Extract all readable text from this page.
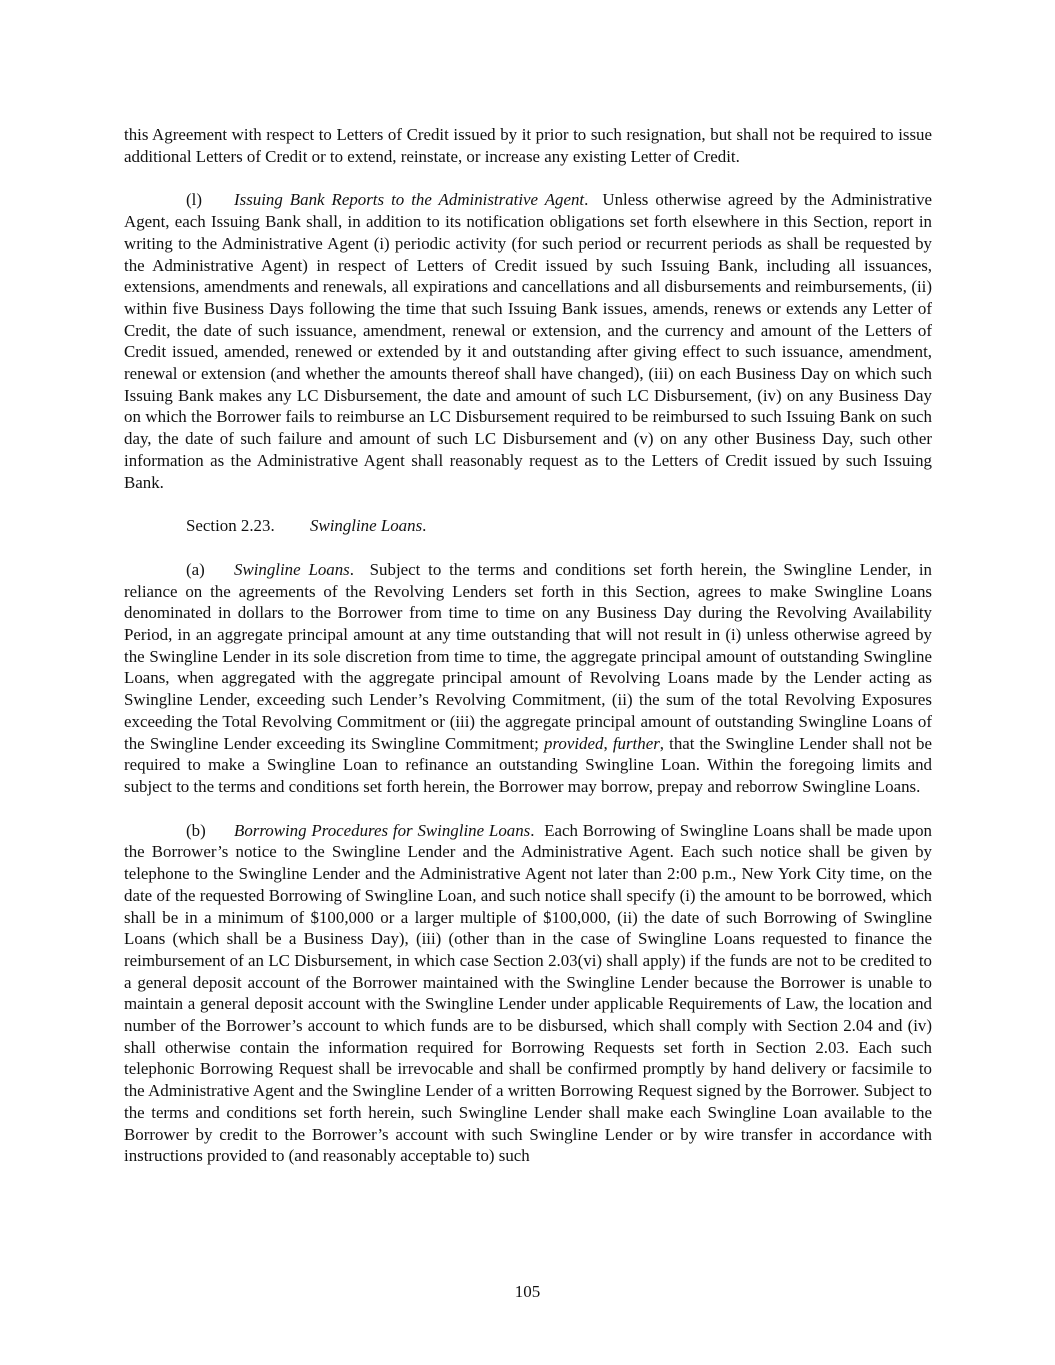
this Agreement with respect to Letters of Credit issued by it prior to such resignation, but shall not be required to issue additional Letters of Credit or to extend, reinstate, or increase any existing Letter of Credit.

(l) Issuing Bank Reports to the Administrative Agent. Unless otherwise agreed by the Administrative Agent, each Issuing Bank shall, in addition to its notification obligations set forth elsewhere in this Section, report in writing to the Administrative Agent (i) periodic activity (for such period or recurrent periods as shall be requested by the Administrative Agent) in respect of Letters of Credit issued by such Issuing Bank, including all issuances, extensions, amendments and renewals, all expirations and cancellations and all disbursements and reimbursements, (ii) within five Business Days following the time that such Issuing Bank issues, amends, renews or extends any Letter of Credit, the date of such issuance, amendment, renewal or extension, and the currency and amount of the Letters of Credit issued, amended, renewed or extended by it and outstanding after giving effect to such issuance, amendment, renewal or extension (and whether the amounts thereof shall have changed), (iii) on each Business Day on which such Issuing Bank makes any LC Disbursement, the date and amount of such LC Disbursement, (iv) on any Business Day on which the Borrower fails to reimburse an LC Disbursement required to be reimbursed to such Issuing Bank on such day, the date of such failure and amount of such LC Disbursement and (v) on any other Business Day, such other information as the Administrative Agent shall reasonably request as to the Letters of Credit issued by such Issuing Bank.

Section 2.23. Swingline Loans.

(a) Swingline Loans. Subject to the terms and conditions set forth herein, the Swingline Lender, in reliance on the agreements of the Revolving Lenders set forth in this Section, agrees to make Swingline Loans denominated in dollars to the Borrower from time to time on any Business Day during the Revolving Availability Period, in an aggregate principal amount at any time outstanding that will not result in (i) unless otherwise agreed by the Swingline Lender in its sole discretion from time to time, the aggregate principal amount of outstanding Swingline Loans, when aggregated with the aggregate principal amount of Revolving Loans made by the Lender acting as Swingline Lender, exceeding such Lender’s Revolving Commitment, (ii) the sum of the total Revolving Exposures exceeding the Total Revolving Commitment or (iii) the aggregate principal amount of outstanding Swingline Loans of the Swingline Lender exceeding its Swingline Commitment; provided, further, that the Swingline Lender shall not be required to make a Swingline Loan to refinance an outstanding Swingline Loan. Within the foregoing limits and subject to the terms and conditions set forth herein, the Borrower may borrow, prepay and reborrow Swingline Loans.

(b) Borrowing Procedures for Swingline Loans. Each Borrowing of Swingline Loans shall be made upon the Borrower’s notice to the Swingline Lender and the Administrative Agent. Each such notice shall be given by telephone to the Swingline Lender and the Administrative Agent not later than 2:00 p.m., New York City time, on the date of the requested Borrowing of Swingline Loan, and such notice shall specify (i) the amount to be borrowed, which shall be in a minimum of $100,000 or a larger multiple of $100,000, (ii) the date of such Borrowing of Swingline Loans (which shall be a Business Day), (iii) (other than in the case of Swingline Loans requested to finance the reimbursement of an LC Disbursement, in which case Section 2.03(vi) shall apply) if the funds are not to be credited to a general deposit account of the Borrower maintained with the Swingline Lender because the Borrower is unable to maintain a general deposit account with the Swingline Lender under applicable Requirements of Law, the location and number of the Borrower’s account to which funds are to be disbursed, which shall comply with Section 2.04 and (iv) shall otherwise contain the information required for Borrowing Requests set forth in Section 2.03. Each such telephonic Borrowing Request shall be irrevocable and shall be confirmed promptly by hand delivery or facsimile to the Administrative Agent and the Swingline Lender of a written Borrowing Request signed by the Borrower. Subject to the terms and conditions set forth herein, such Swingline Lender shall make each Swingline Loan available to the Borrower by credit to the Borrower’s account with such Swingline Lender or by wire transfer in accordance with instructions provided to (and reasonably acceptable to) such

105
